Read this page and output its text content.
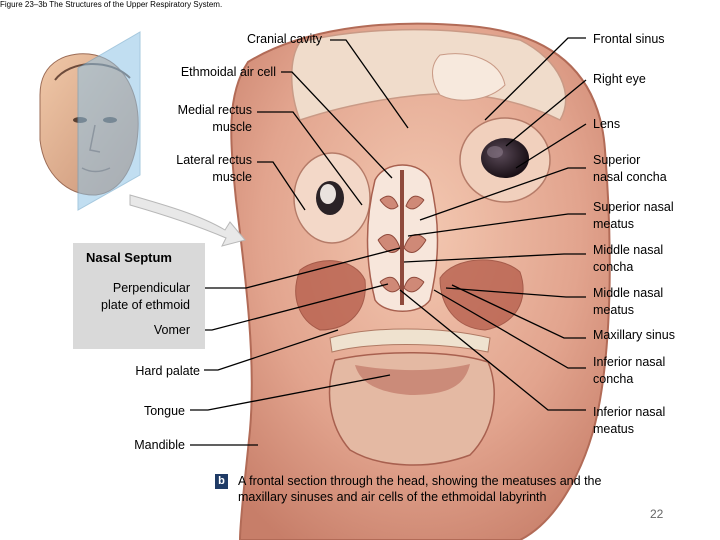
Figure 23–3b The Structures of the Upper Respiratory System.
Nasal Septum
Cranial cavity
Ethmoidal air cell
Medial rectus
muscle
Lateral rectus
muscle
Perpendicular
plate of ethmoid
Vomer
Hard palate
Tongue
Mandible
Frontal sinus
Right eye
Lens
Superior
nasal concha
Superior nasal
meatus
Middle nasal
concha
Middle nasal
meatus
Maxillary sinus
Inferior nasal
concha
Inferior nasal
meatus
b A frontal section through the head, showing the meatuses and the maxillary sinuses and air cells of the ethmoidal labyrinth
22
